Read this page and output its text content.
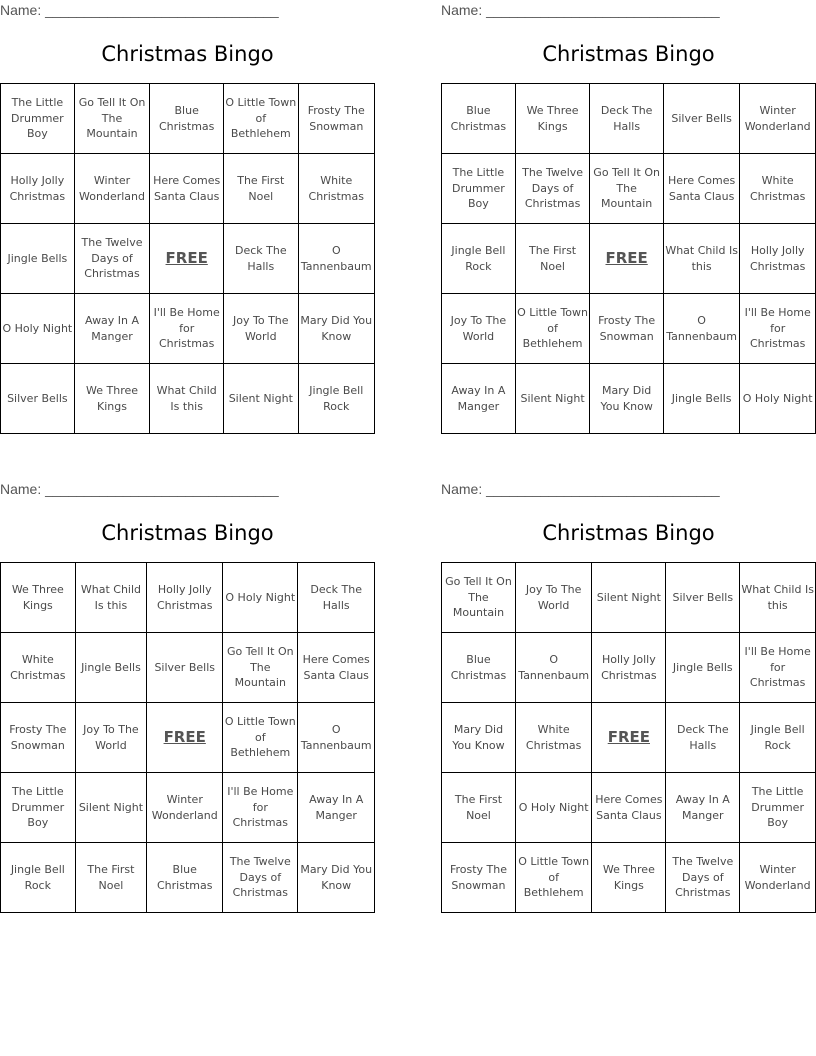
Name: ______________________________
Christmas Bingo
The Little Drummer Boy	Go Tell It On The Mountain	Blue Christmas	O Little Town of Bethlehem	Frosty The Snowman
Holly Jolly Christmas	Winter Wonderland	Here Comes Santa Claus	The First Noel	White Christmas
Jingle Bells	The Twelve Days of Christmas	FREE	Deck The Halls	O Tannenbaum
O Holy Night	Away In A Manger	I'll Be Home for Christmas	Joy To The World	Mary Did You Know
Silver Bells	We Three Kings	What Child Is this	Silent Night	Jingle Bell Rock
Name: ______________________________
Christmas Bingo
Blue Christmas	We Three Kings	Deck The Halls	Silver Bells	Winter Wonderland
The Little Drummer Boy	The Twelve Days of Christmas	Go Tell It On The Mountain	Here Comes Santa Claus	White Christmas
Jingle Bell Rock	The First Noel	FREE	What Child Is this	Holly Jolly Christmas
Joy To The World	O Little Town of Bethlehem	Frosty The Snowman	O Tannenbaum	I'll Be Home for Christmas
Away In A Manger	Silent Night	Mary Did You Know	Jingle Bells	O Holy Night
Name: ______________________________
Christmas Bingo
We Three Kings	What Child Is this	Holly Jolly Christmas	O Holy Night	Deck The Halls
White Christmas	Jingle Bells	Silver Bells	Go Tell It On The Mountain	Here Comes Santa Claus
Frosty The Snowman	Joy To The World	FREE	O Little Town of Bethlehem	O Tannenbaum
The Little Drummer Boy	Silent Night	Winter Wonderland	I'll Be Home for Christmas	Away In A Manger
Jingle Bell Rock	The First Noel	Blue Christmas	The Twelve Days of Christmas	Mary Did You Know
Name: ______________________________
Christmas Bingo
Go Tell It On The Mountain	Joy To The World	Silent Night	Silver Bells	What Child Is this
Blue Christmas	O Tannenbaum	Holly Jolly Christmas	Jingle Bells	I'll Be Home for Christmas
Mary Did You Know	White Christmas	FREE	Deck The Halls	Jingle Bell Rock
The First Noel	O Holy Night	Here Comes Santa Claus	Away In A Manger	The Little Drummer Boy
Frosty The Snowman	O Little Town of Bethlehem	We Three Kings	The Twelve Days of Christmas	Winter Wonderland
